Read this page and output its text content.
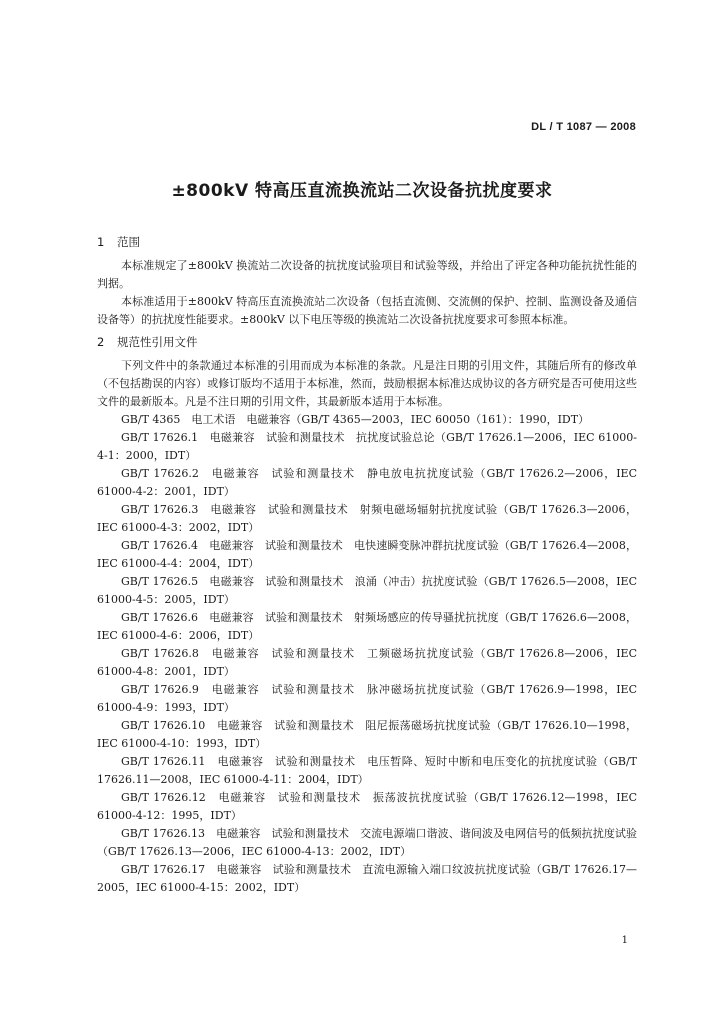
DL / T 1087 — 2008
±800kV 特高压直流换流站二次设备抗扰度要求
1 范围

本标准规定了±800kV 换流站二次设备的抗扰度试验项目和试验等级，并给出了评定各种功能抗扰性能的判据。

本标准适用于±800kV 特高压直流换流站二次设备（包括直流侧、交流侧的保护、控制、监测设备及通信设备等）的抗扰度性能要求。±800kV 以下电压等级的换流站二次设备抗扰度要求可参照本标准。

2 规范性引用文件

下列文件中的条款通过本标准的引用而成为本标准的条款。凡是注日期的引用文件，其随后所有的修改单（不包括勘误的内容）或修订版均不适用于本标准，然而，鼓励根据本标准达成协议的各方研究是否可使用这些文件的最新版本。凡是不注日期的引用文件，其最新版本适用于本标准。

GB/T 4365　电工术语　电磁兼容（GB/T 4365—2003，IEC 60050（161）：1990，IDT）

GB/T 17626.1　电磁兼容　试验和测量技术　抗扰度试验总论（GB/T 17626.1—2006，IEC 61000-4-1：2000，IDT）

GB/T 17626.2　电磁兼容　试验和测量技术　静电放电抗扰度试验（GB/T 17626.2—2006，IEC 61000-4-2：2001，IDT）

GB/T 17626.3　电磁兼容　试验和测量技术　射频电磁场辐射抗扰度试验（GB/T 17626.3—2006，IEC 61000-4-3：2002，IDT）

GB/T 17626.4　电磁兼容　试验和测量技术　电快速瞬变脉冲群抗扰度试验（GB/T 17626.4—2008，IEC 61000-4-4：2004，IDT）

GB/T 17626.5　电磁兼容　试验和测量技术　浪涌（冲击）抗扰度试验（GB/T 17626.5—2008，IEC 61000-4-5：2005，IDT）

GB/T 17626.6　电磁兼容　试验和测量技术　射频场感应的传导骚扰抗扰度（GB/T 17626.6—2008，IEC 61000-4-6：2006，IDT）

GB/T 17626.8　电磁兼容　试验和测量技术　工频磁场抗扰度试验（GB/T 17626.8—2006，IEC 61000-4-8：2001，IDT）

GB/T 17626.9　电磁兼容　试验和测量技术　脉冲磁场抗扰度试验（GB/T 17626.9—1998，IEC 61000-4-9：1993，IDT）

GB/T 17626.10　电磁兼容　试验和测量技术　阻尼振荡磁场抗扰度试验（GB/T 17626.10—1998，IEC 61000-4-10：1993，IDT）

GB/T 17626.11　电磁兼容　试验和测量技术　电压暂降、短时中断和电压变化的抗扰度试验（GB/T 17626.11—2008，IEC 61000-4-11：2004，IDT）

GB/T 17626.12　电磁兼容　试验和测量技术　振荡波抗扰度试验（GB/T 17626.12—1998，IEC 61000-4-12：1995，IDT）

GB/T 17626.13　电磁兼容　试验和测量技术　交流电源端口谐波、谐间波及电网信号的低频抗扰度试验（GB/T 17626.13—2006，IEC 61000-4-13：2002，IDT）

GB/T 17626.17　电磁兼容　试验和测量技术　直流电源输入端口纹波抗扰度试验（GB/T 17626.17—2005，IEC 61000-4-15：2002，IDT）

1
